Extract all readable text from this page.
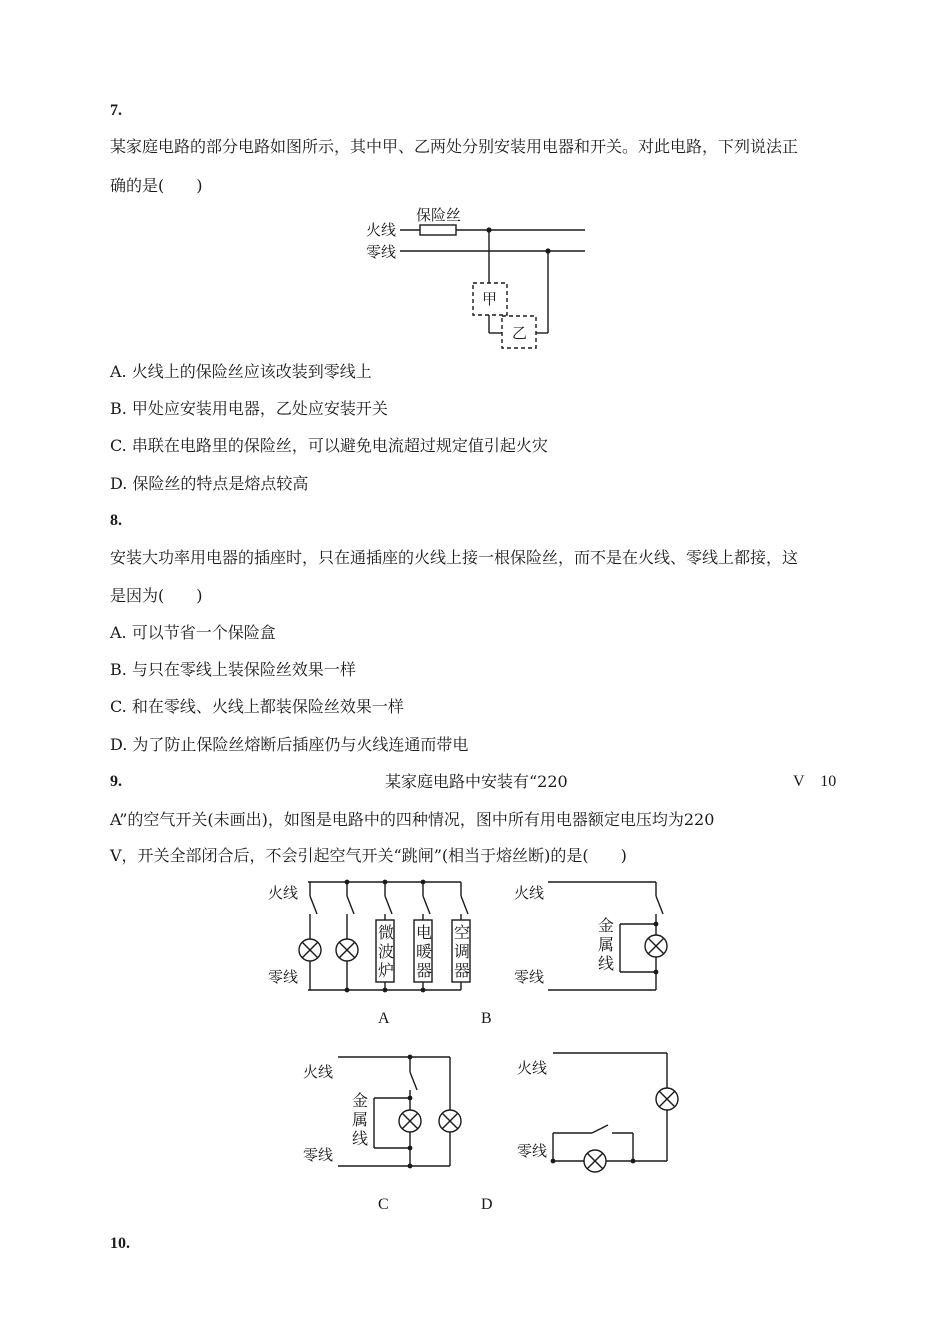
7.
某家庭电路的部分电路如图所示，其中甲、乙两处分别安装用电器和开关。对此电路，下列说法正
确的是(　　)
火线
零线
保险丝
甲
乙
A. 火线上的保险丝应该改装到零线上
B. 甲处应安装用电器，乙处应安装开关
C. 串联在电路里的保险丝，可以避免电流超过规定值引起火灾
D. 保险丝的特点是熔点较高
8.
安装大功率用电器的插座时，只在通插座的火线上接一根保险丝，而不是在火线、零线上都接，这
是因为(　　)
A. 可以节省一个保险盒
B. 与只在零线上装保险丝效果一样
C. 和在零线、火线上都装保险丝效果一样
D. 为了防止保险丝熔断后插座仍与火线连通而带电
9.	某家庭电路中安装有“220	V　10
A”的空气开关(未画出)，如图是电路中的四种情况，图中所有用电器额定电压均为220
V，开关全部闭合后，不会引起空气开关“跳闸”(相当于熔丝断)的是(　　)
火线
零线
微
波
炉
电
暖
器
空
调
器
火线
零线
金
属
线
A	B
火线
零线
金
属
线
火线
零线
C	D
10.
